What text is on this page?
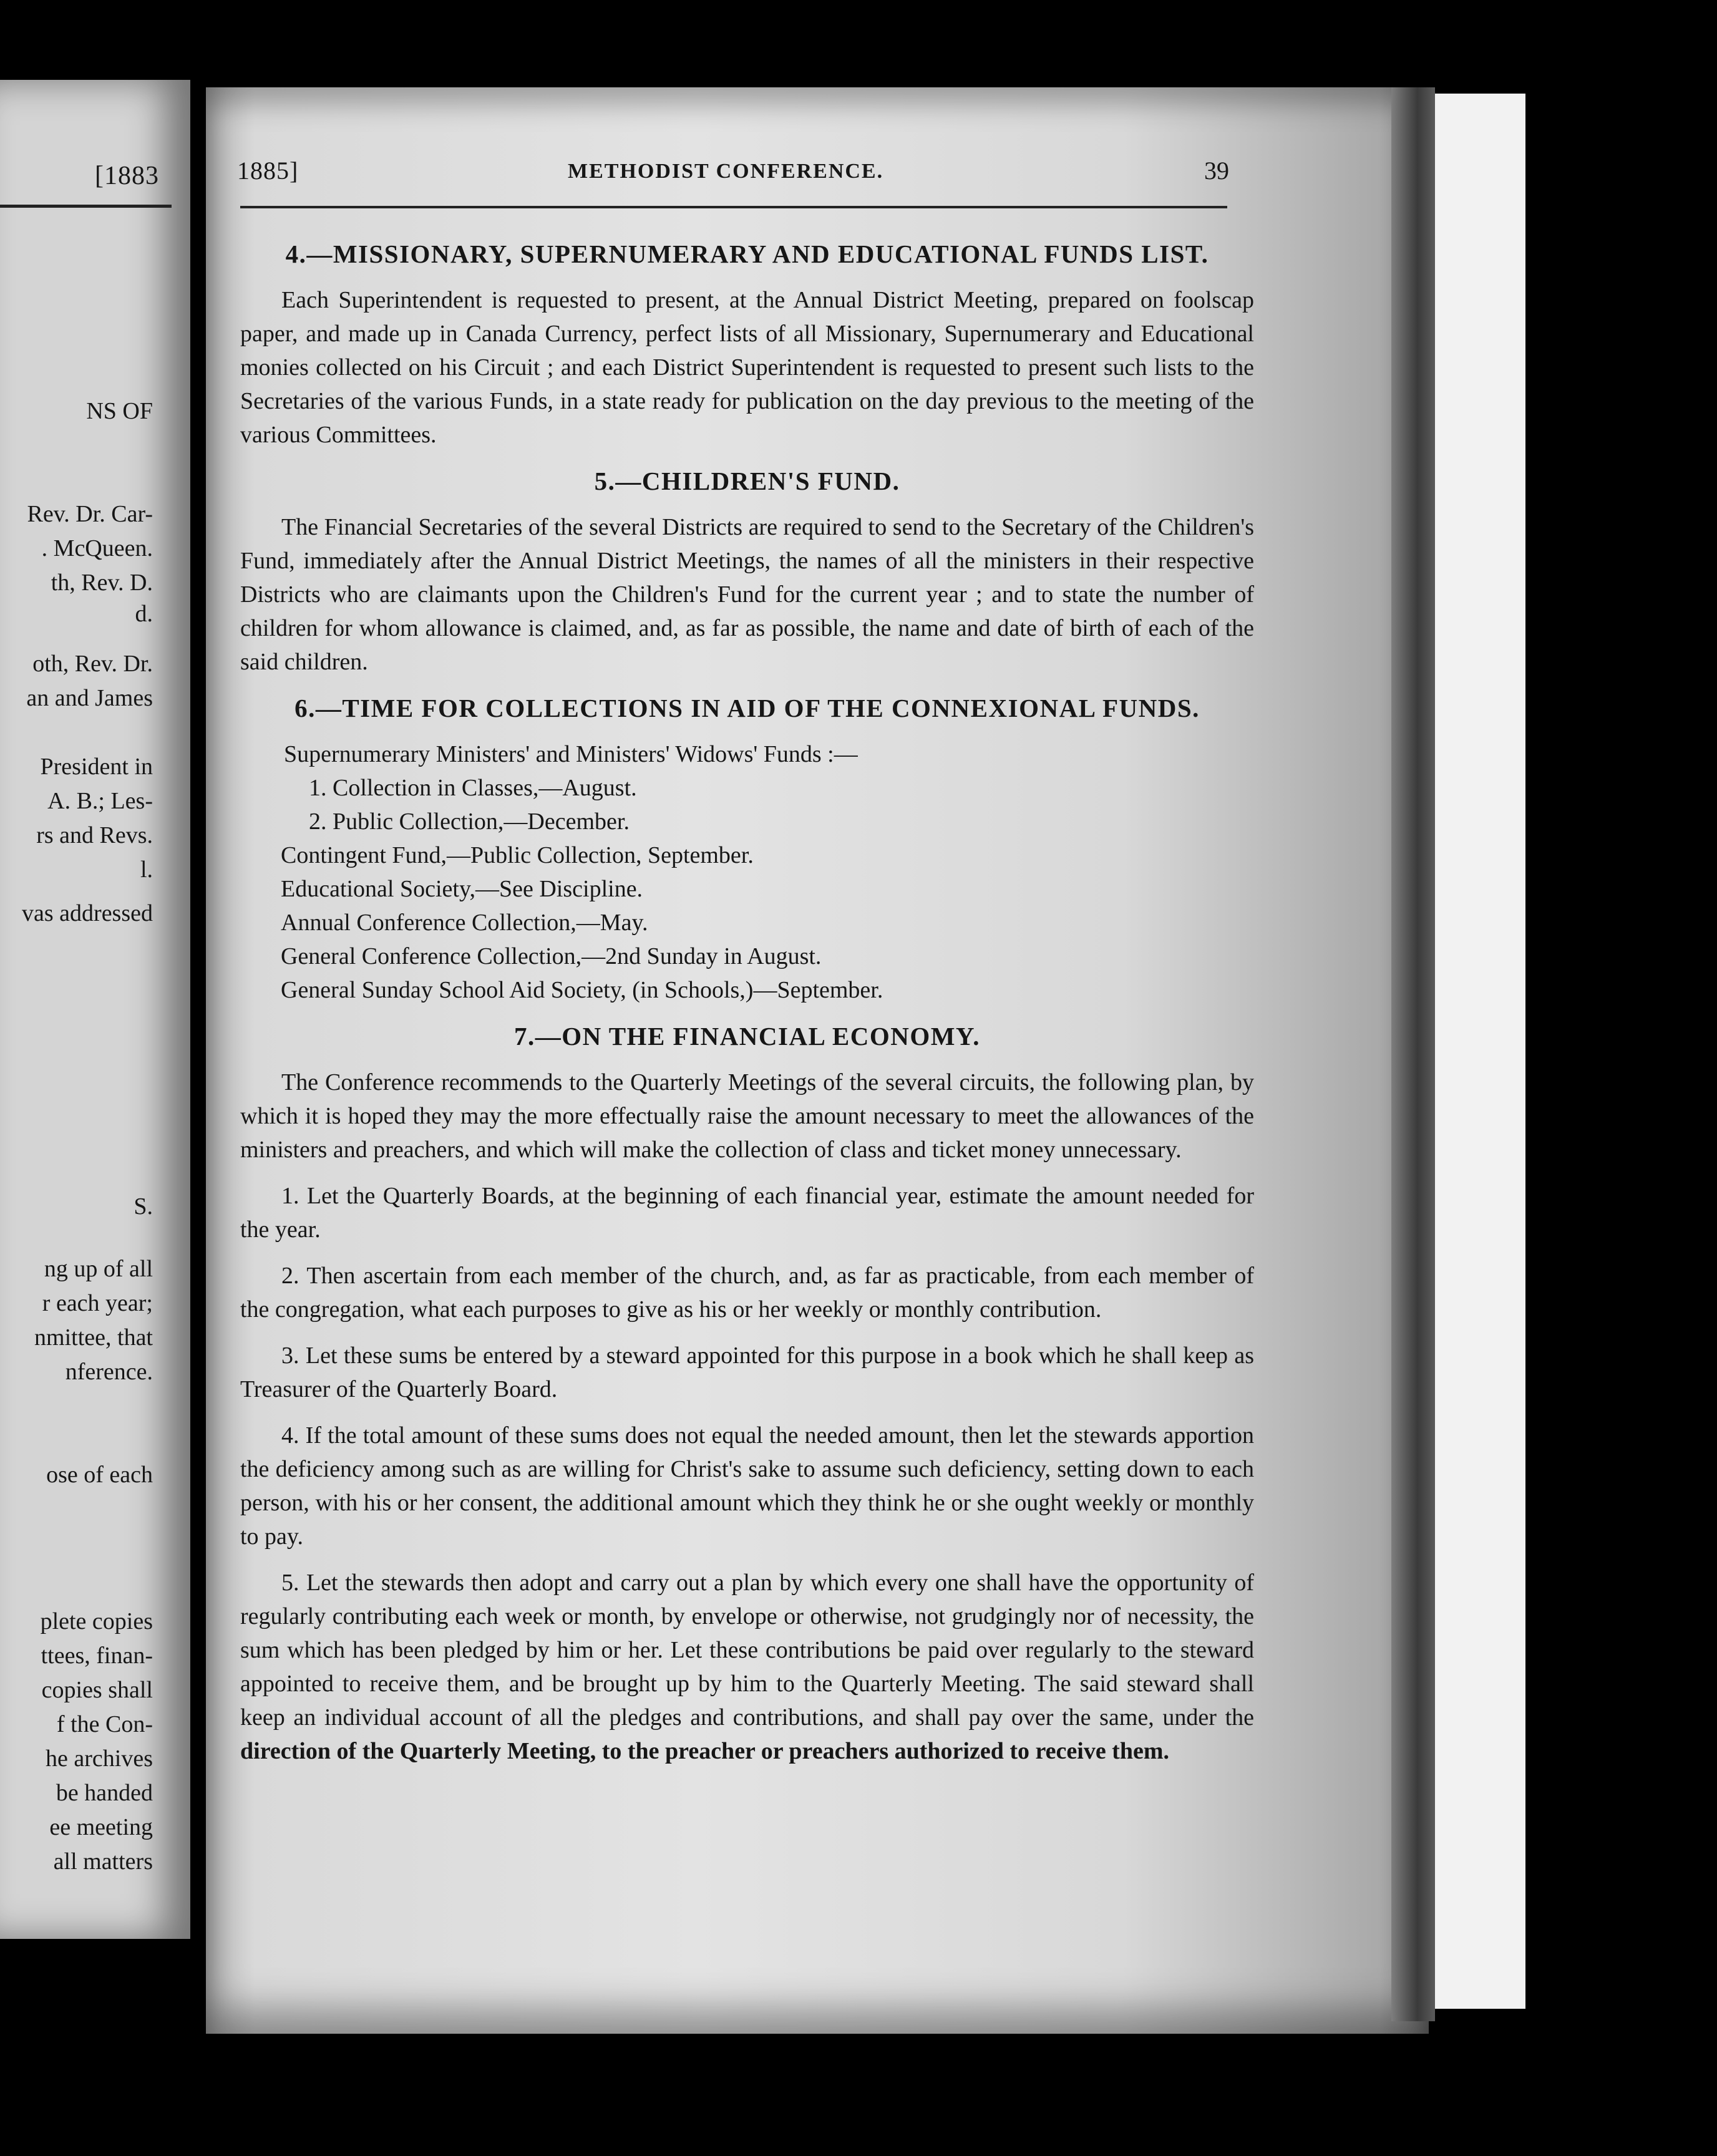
[1883
NS OF
Rev. Dr. Car-
. McQueen.
th, Rev. D.
d.
oth, Rev. Dr.
an and James
President in
A. B.; Les-
rs and Revs.
l.
vas addressed
S.
ng up of all
r each year;
nmittee, that
nference.
ose of each
plete copies
ttees, finan-
copies shall
f the Con-
he archives
be handed
ee meeting
all matters
1885]	METHODIST CONFERENCE.	39
4.—MISSIONARY, SUPERNUMERARY AND EDUCATIONAL FUNDS LIST.

Each Superintendent is requested to present, at the Annual District Meeting, prepared on foolscap paper, and made up in Canada Currency, perfect lists of all Missionary, Supernumerary and Educational monies collected on his Circuit ; and each District Superintendent is requested to present such lists to the Secretaries of the various Funds, in a state ready for publication on the day previous to the meeting of the various Committees.

5.—CHILDREN'S FUND.

The Financial Secretaries of the several Districts are required to send to the Secretary of the Children's Fund, immediately after the Annual District Meetings, the names of all the ministers in their respective Districts who are claimants upon the Children's Fund for the current year ; and to state the number of children for whom allowance is claimed, and, as far as possible, the name and date of birth of each of the said children.

6.—TIME FOR COLLECTIONS IN AID OF THE CONNEXIONAL FUNDS.
Supernumerary Ministers' and Ministers' Widows' Funds :—
1. Collection in Classes,—August.
2. Public Collection,—December.
Contingent Fund,—Public Collection, September.
Educational Society,—See Discipline.
Annual Conference Collection,—May.
General Conference Collection,—2nd Sunday in August.
General Sunday School Aid Society, (in Schools,)—September.
7.—ON THE FINANCIAL ECONOMY.

The Conference recommends to the Quarterly Meetings of the several circuits, the following plan, by which it is hoped they may the more effectually raise the amount necessary to meet the allowances of the ministers and preachers, and which will make the collection of class and ticket money unnecessary.

1. Let the Quarterly Boards, at the beginning of each financial year, estimate the amount needed for the year.

2. Then ascertain from each member of the church, and, as far as practicable, from each member of the congregation, what each purposes to give as his or her weekly or monthly contribution.

3. Let these sums be entered by a steward appointed for this purpose in a book which he shall keep as Treasurer of the Quarterly Board.

4. If the total amount of these sums does not equal the needed amount, then let the stewards apportion the deficiency among such as are willing for Christ's sake to assume such deficiency, setting down to each person, with his or her consent, the additional amount which they think he or she ought weekly or monthly to pay.

5. Let the stewards then adopt and carry out a plan by which every one shall have the opportunity of regularly contributing each week or month, by envelope or otherwise, not grudgingly nor of necessity, the sum which has been pledged by him or her. Let these contributions be paid over regularly to the steward appointed to receive them, and be brought up by him to the Quarterly Meeting. The said steward shall keep an individual account of all the pledges and contributions, and shall pay over the same, under the direction of the Quarterly Meeting, to the preacher or preachers authorized to receive them.
